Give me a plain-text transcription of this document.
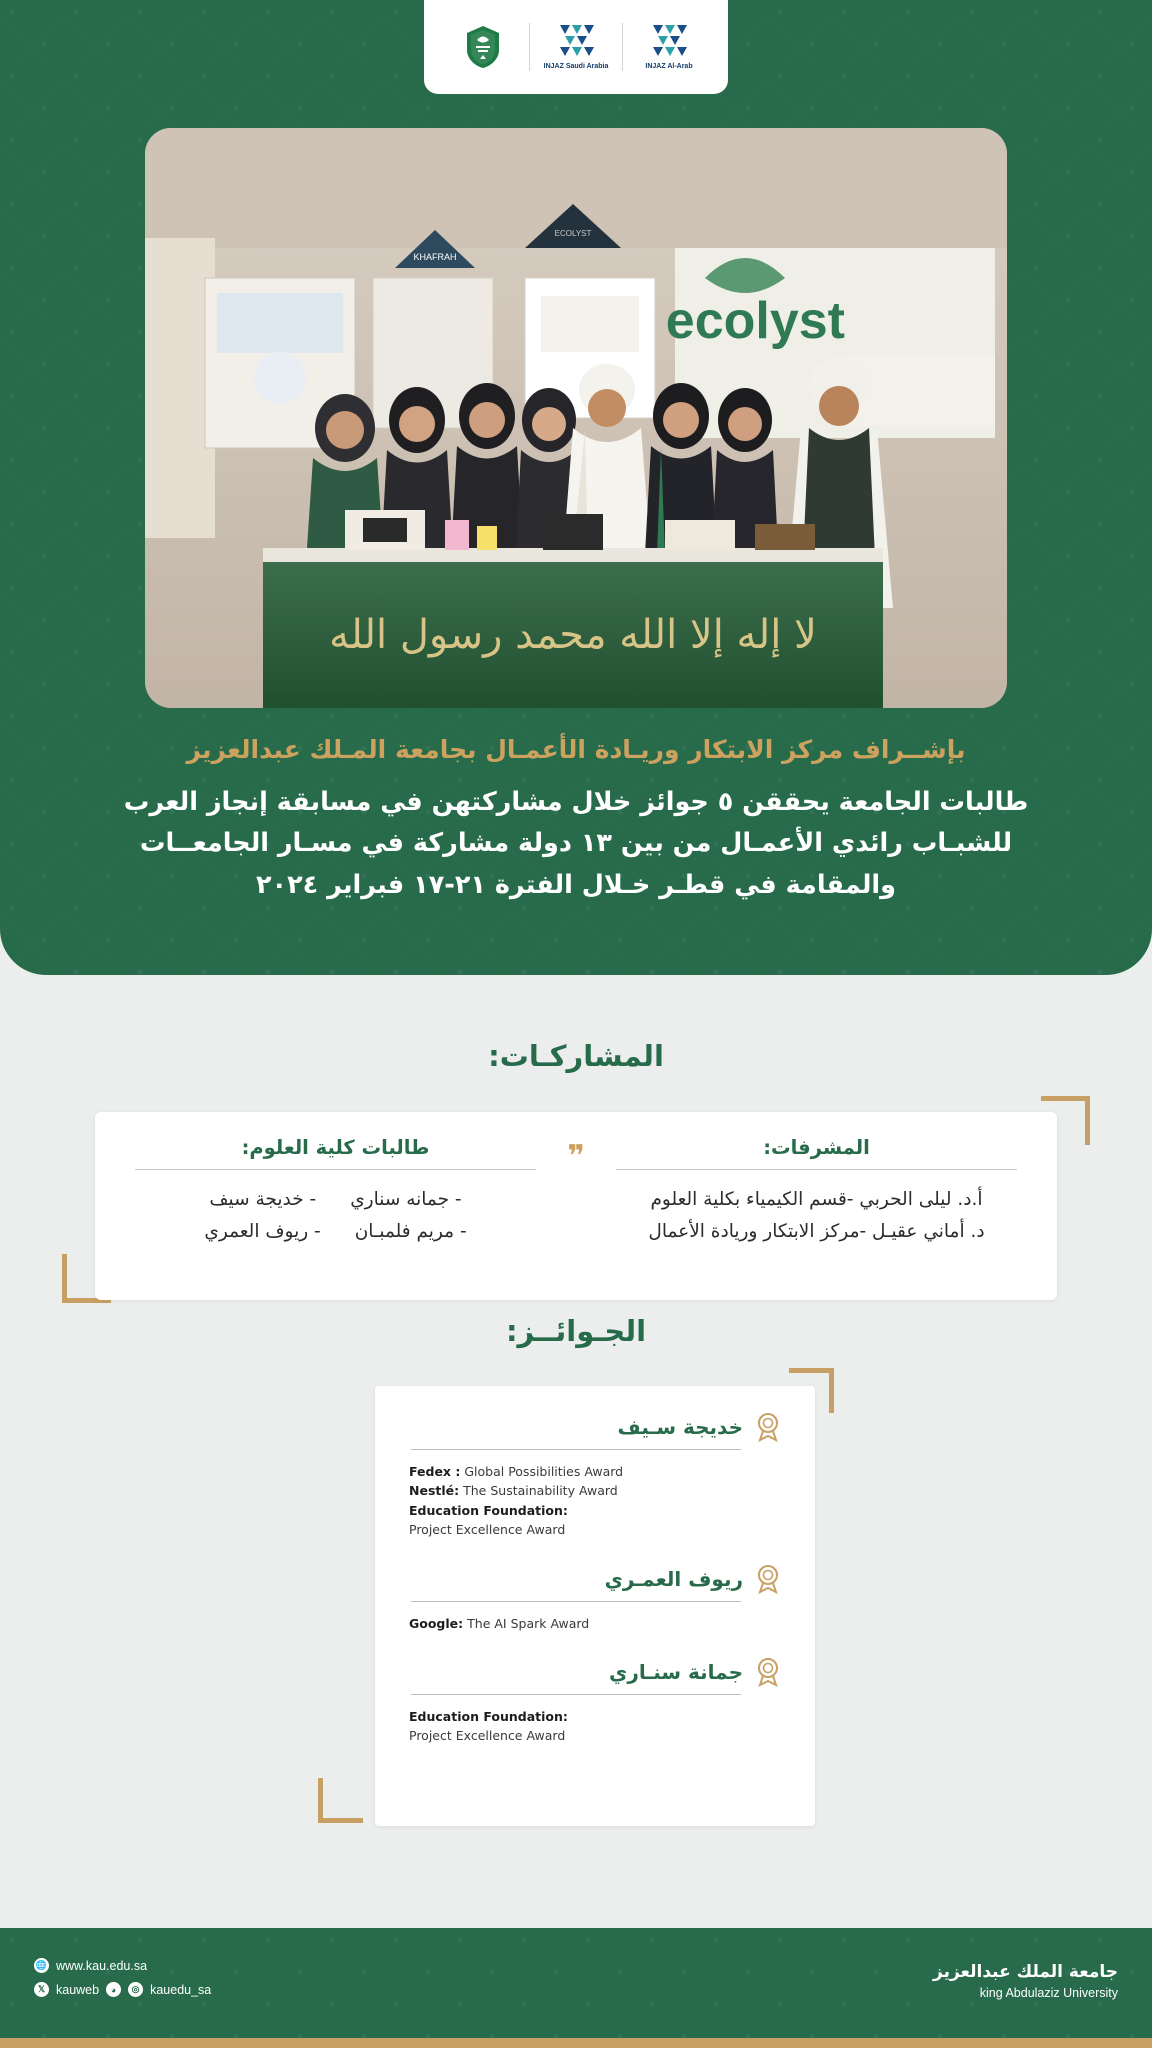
INJAZ Al-Arab
INJAZ Saudi Arabia
KHAFRAH
ECOLYST
ecolyst
لا إله إلا الله محمد رسول الله
بإشــراف مركز الابتكار وريـادة الأعمـال بجامعة المـلك عبدالعزيز
طالبات الجامعة يحققن ٥ جوائز خلال مشاركتهن في مسابقة إنجاز العرب للشبـاب رائدي الأعمـال من بين ١٣ دولة مشاركة في مسـار الجامعــات والمقامة في قطـر خـلال الفترة ٢١-١٧ فبراير ٢٠٢٤
المشاركـات:
❞
طالبات كلية العلوم:
- جمانه سناري
- خديجة سيف
- مريم فلمبـان
- ريوف العمري
المشرفات:
أ.د. ليلى الحربي -قسم الكيمياء بكلية العلوم
د. أماني عقيـل -مركز الابتكار وريادة الأعمال
الجـوائــز:
خديجة سـيف
Fedex : Global Possibilities Award
Nestlé: The Sustainability Award
Education Foundation:
Project Excellence Award
ريوف العمـري
Google: The AI Spark Award
جمانة سنـاري
Education Foundation:
Project Excellence Award
🌐 www.kau.edu.sa
𝕏 kauweb	◕	◎ kauedu_sa
جامعة الملك عبدالعزيز
king Abdulaziz University
